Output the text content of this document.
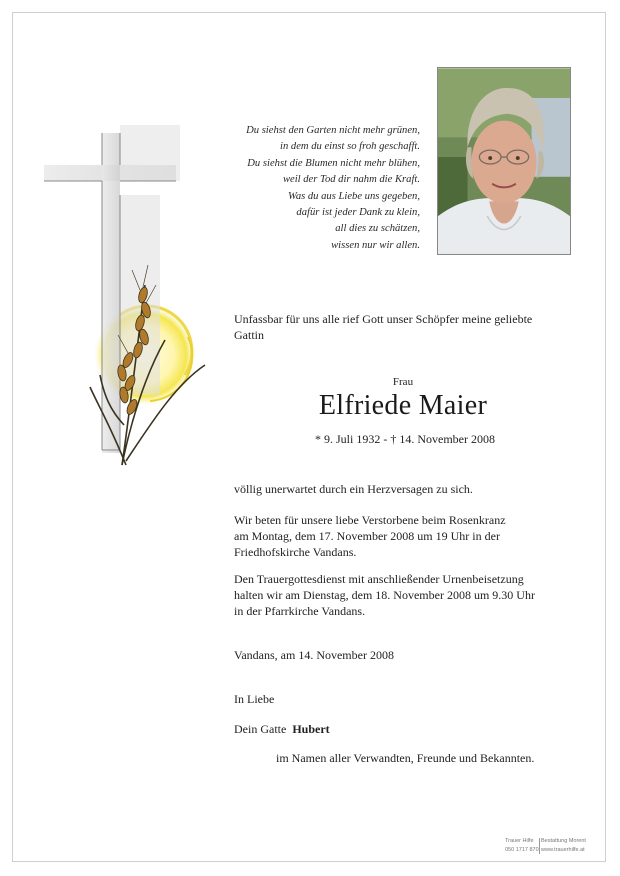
Du siehst den Garten nicht mehr grünen,
in dem du einst so froh geschafft.
Du siehst die Blumen nicht mehr blühen,
weil der Tod dir nahm die Kraft.
Was du aus Liebe uns gegeben,
dafür ist jeder Dank zu klein,
all dies zu schätzen,
wissen nur wir allen.
Unfassbar für uns alle rief Gott unser Schöpfer meine geliebte
Gattin
Frau
Elfriede Maier
* 9. Juli 1932 - † 14. November 2008
völlig unerwartet durch ein Herzversagen zu sich.
Wir beten für unsere liebe Verstorbene beim Rosenkranz
am Montag, dem 17. November 2008 um 19 Uhr in der
Friedhofskirche Vandans.
Den Trauergottesdienst mit anschließender Urnenbeisetzung
halten wir am Dienstag, dem 18. November 2008 um 9.30 Uhr
in der Pfarrkirche Vandans.
Vandans, am 14. November 2008
In Liebe
Dein Gatte Hubert
im Namen aller Verwandten, Freunde und Bekannten.
Trauer Hilfe Bestattung Morent
050 1717 870 www.trauerhilfe.at
